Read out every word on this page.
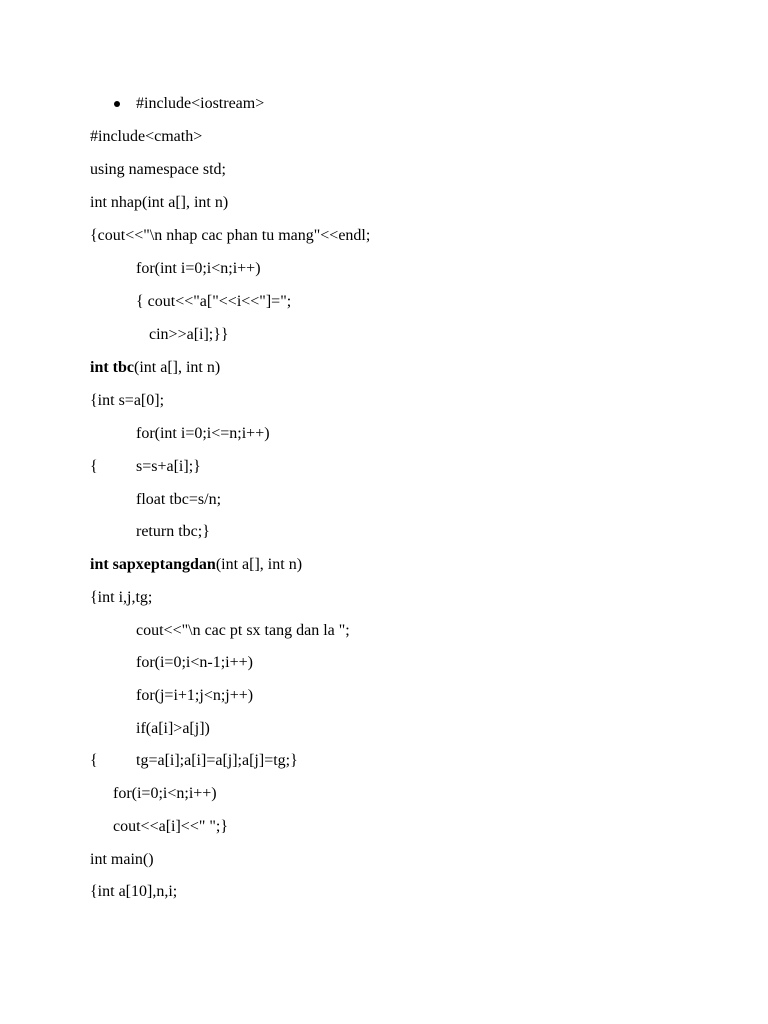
#include<iostream>
#include<cmath>
using namespace std;
int nhap(int a[], int n)
{cout<<"\n nhap cac phan tu mang"<<endl;
for(int i=0;i<n;i++)
{ cout<<"a["<<i<<"]=";
cin>>a[i];}}
int tbc(int a[], int n)
{int s=a[0];
for(int i=0;i<=n;i++)
{ s=s+a[i];}
float tbc=s/n;
return tbc;}
int sapxeptangdan(int a[], int n)
{int i,j,tg;
cout<<"\n cac pt sx tang dan la ";
for(i=0;i<n-1;i++)
for(j=i+1;j<n;j++)
if(a[i]>a[j])
{ tg=a[i];a[i]=a[j];a[j]=tg;}
for(i=0;i<n;i++)
cout<<a[i]<<" ";}
int main()
{int a[10],n,i;
